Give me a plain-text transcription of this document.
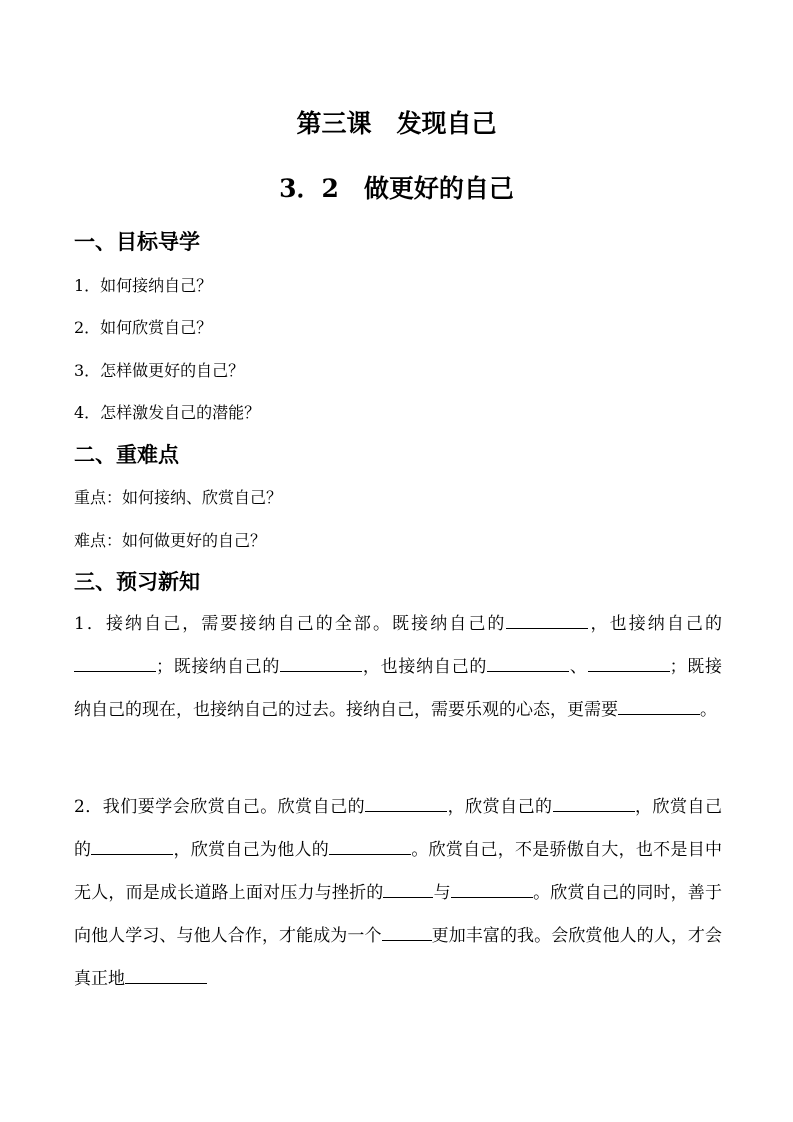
第三课　发现自己
3．2　做更好的自己
一、目标导学
1．如何接纳自己？
2．如何欣赏自己？
3．怎样做更好的自己？
4．怎样激发自己的潜能？
二、重难点
重点：如何接纳、欣赏自己？
难点：如何做更好的自己？
三、预习新知
1．接纳自己，需要接纳自己的全部。既接纳自己的	，也接纳自己的；既接纳自己的	，也接纳自己的	、	；既接纳自己的现在，也接纳自己的过去。接纳自己，需要乐观的心态，更需要	。
2．我们要学会欣赏自己。欣赏自己的	，欣赏自己的	，欣赏自己的	，欣赏自己为他人的	。欣赏自己，不是骄傲自大，也不是目中无人，而是成长道路上面对压力与挫折的	与	。欣赏自己的同时，善于向他人学习、与他人合作，才能成为一个	更加丰富的我。会欣赏他人的人，才会真正地
